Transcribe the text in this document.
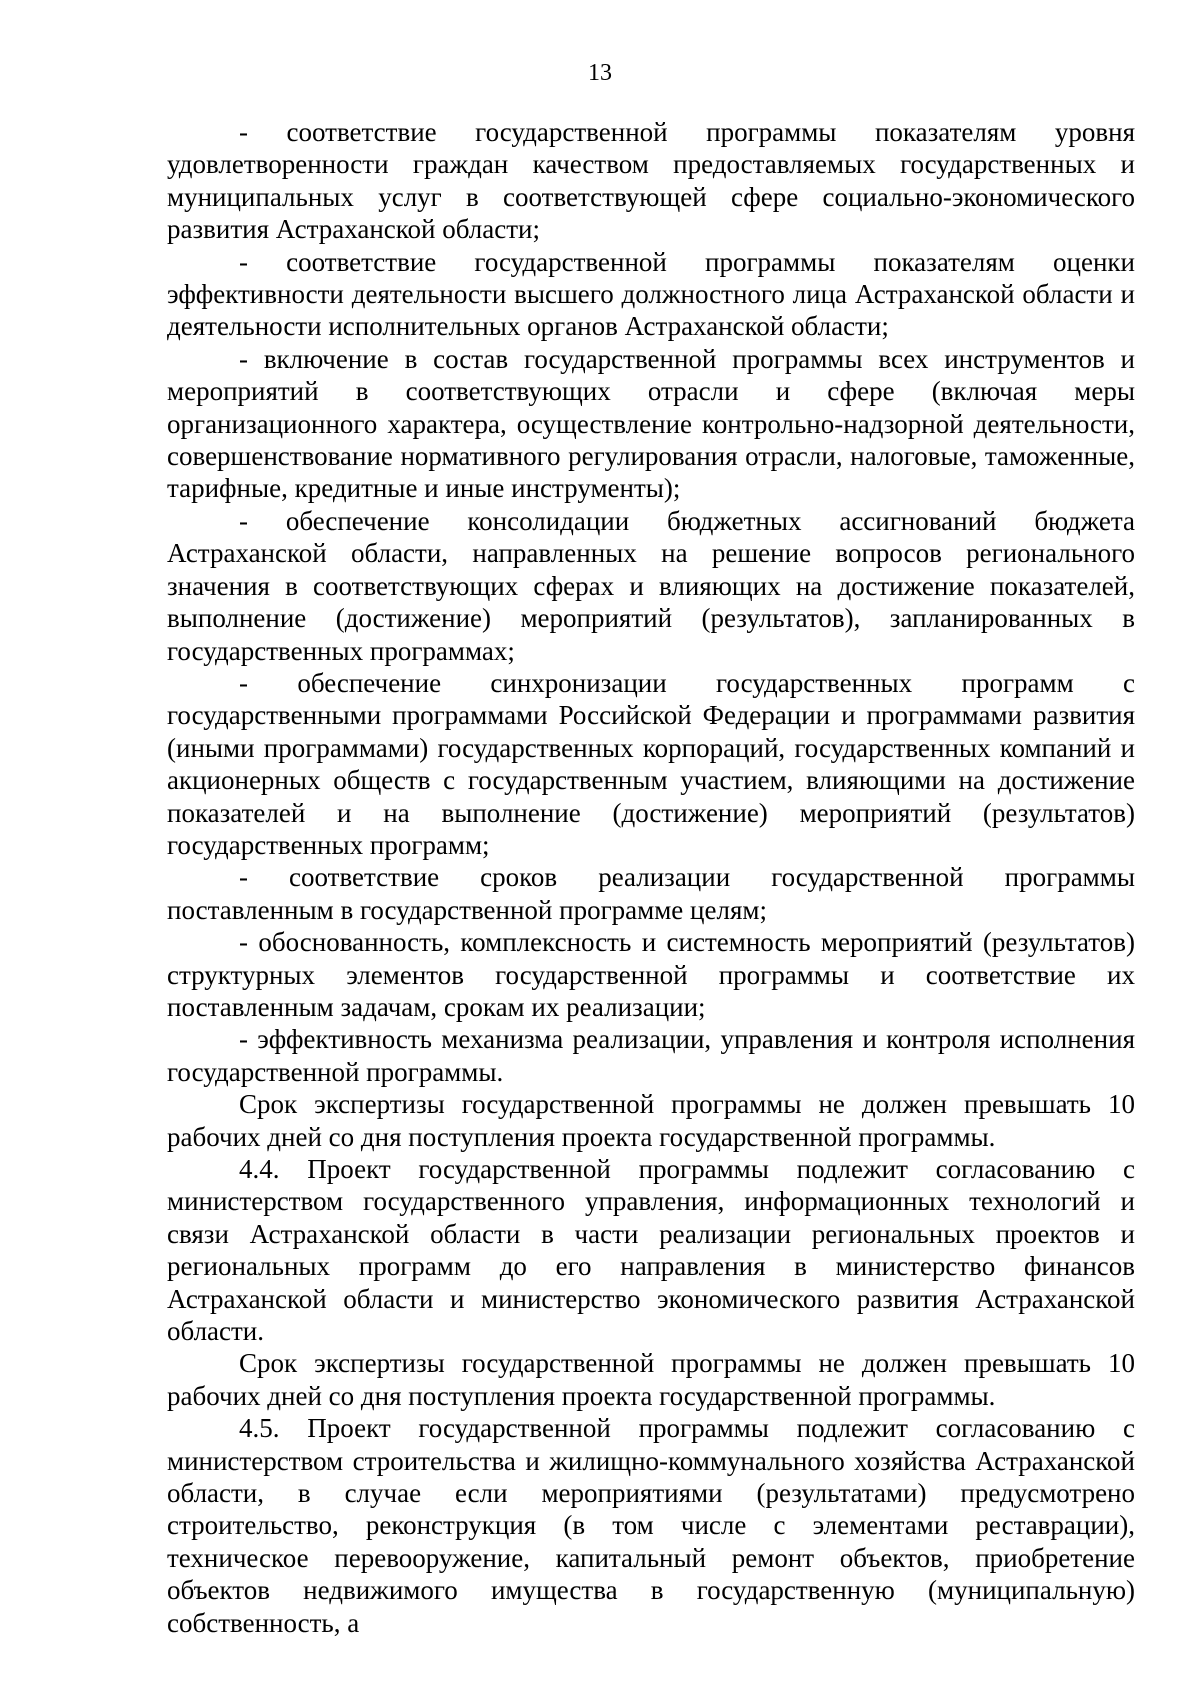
13

- соответствие государственной программы показателям уровня удовлетворенности граждан качеством предоставляемых государственных и муниципальных услуг в соответствующей сфере социально-экономического развития Астраханской области;

- соответствие государственной программы показателям оценки эффективности деятельности высшего должностного лица Астраханской области и деятельности исполнительных органов Астраханской области;

- включение в состав государственной программы всех инструментов и мероприятий в соответствующих отрасли и сфере (включая меры организационного характера, осуществление контрольно-надзорной деятельности, совершенствование нормативного регулирования отрасли, налоговые, таможенные, тарифные, кредитные и иные инструменты);

- обеспечение консолидации бюджетных ассигнований бюджета Астраханской области, направленных на решение вопросов регионального значения в соответствующих сферах и влияющих на достижение показателей, выполнение (достижение) мероприятий (результатов), запланированных в государственных программах;

- обеспечение синхронизации государственных программ с государственными программами Российской Федерации и программами развития (иными программами) государственных корпораций, государственных компаний и акционерных обществ с государственным участием, влияющими на достижение показателей и на выполнение (достижение) мероприятий (результатов) государственных программ;

- соответствие сроков реализации государственной программы поставленным в государственной программе целям;

- обоснованность, комплексность и системность мероприятий (результатов) структурных элементов государственной программы и соответствие их поставленным задачам, срокам их реализации;

- эффективность механизма реализации, управления и контроля исполнения государственной программы.

Срок экспертизы государственной программы не должен превышать 10 рабочих дней со дня поступления проекта государственной программы.

4.4. Проект государственной программы подлежит согласованию с министерством государственного управления, информационных технологий и связи Астраханской области в части реализации региональных проектов и региональных программ до его направления в министерство финансов Астраханской области и министерство экономического развития Астраханской области.

Срок экспертизы государственной программы не должен превышать 10 рабочих дней со дня поступления проекта государственной программы.

4.5. Проект государственной программы подлежит согласованию с министерством строительства и жилищно-коммунального хозяйства Астраханской области, в случае если мероприятиями (результатами) предусмотрено строительство, реконструкция (в том числе с элементами реставрации), техническое перевооружение, капитальный ремонт объектов, приобретение объектов недвижимого имущества в государственную (муниципальную) собственность, а
